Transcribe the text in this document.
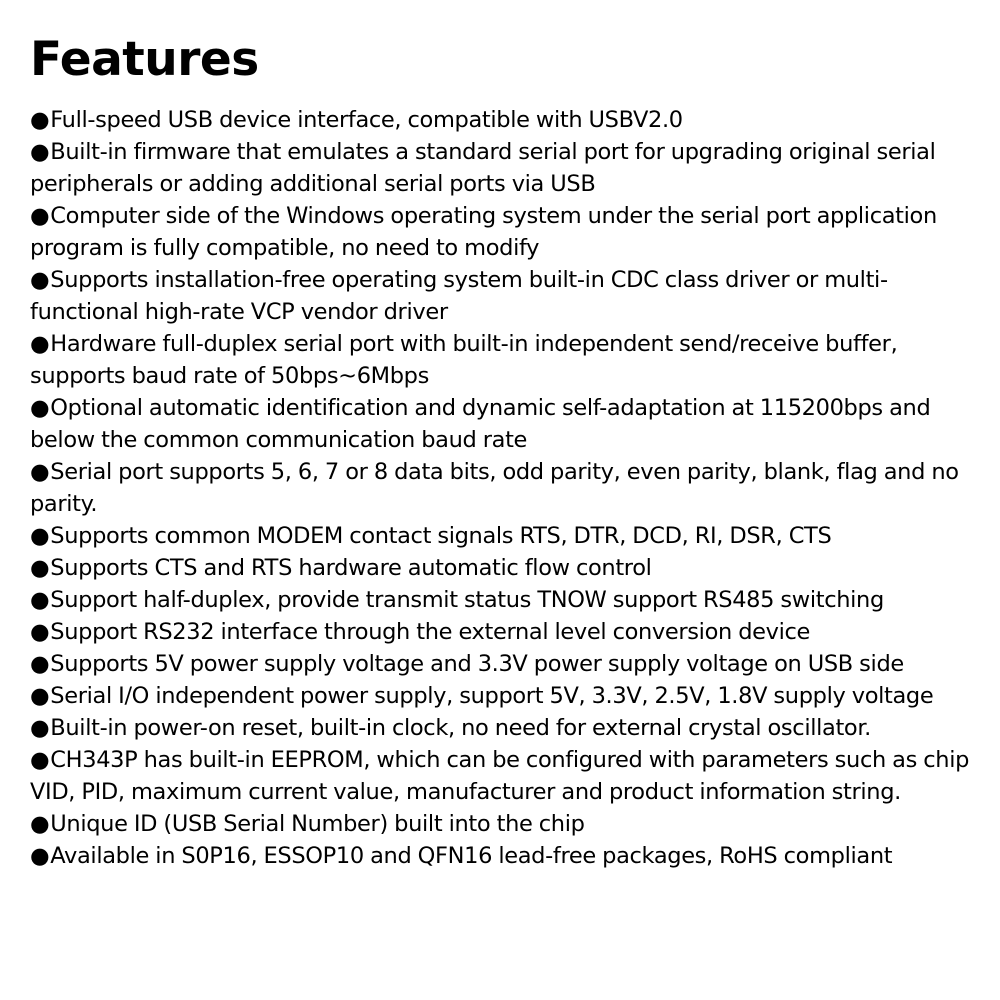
Features
●Full-speed USB device interface, compatible with USBV2.0
●Built-in firmware that emulates a standard serial port for upgrading original serial peripherals or adding additional serial ports via USB
●Computer side of the Windows operating system under the serial port application program is fully compatible, no need to modify
●Supports installation-free operating system built-in CDC class driver or multi-functional high-rate VCP vendor driver
●Hardware full-duplex serial port with built-in independent send/receive buffer, supports baud rate of 50bps~6Mbps
●Optional automatic identification and dynamic self-adaptation at 115200bps and below the common communication baud rate
●Serial port supports 5, 6, 7 or 8 data bits, odd parity, even parity, blank, flag and no parity.
●Supports common MODEM contact signals RTS, DTR, DCD, RI, DSR, CTS
●Supports CTS and RTS hardware automatic flow control
●Support half-duplex, provide transmit status TNOW support RS485 switching
●Support RS232 interface through the external level conversion device
●Supports 5V power supply voltage and 3.3V power supply voltage on USB side
●Serial I/O independent power supply, support 5V, 3.3V, 2.5V, 1.8V supply voltage
●Built-in power-on reset, built-in clock, no need for external crystal oscillator.
●CH343P has built-in EEPROM, which can be configured with parameters such as chip VID, PID, maximum current value, manufacturer and product information string.
●Unique ID (USB Serial Number) built into the chip
●Available in S0P16, ESSOP10 and QFN16 lead-free packages, RoHS compliant
